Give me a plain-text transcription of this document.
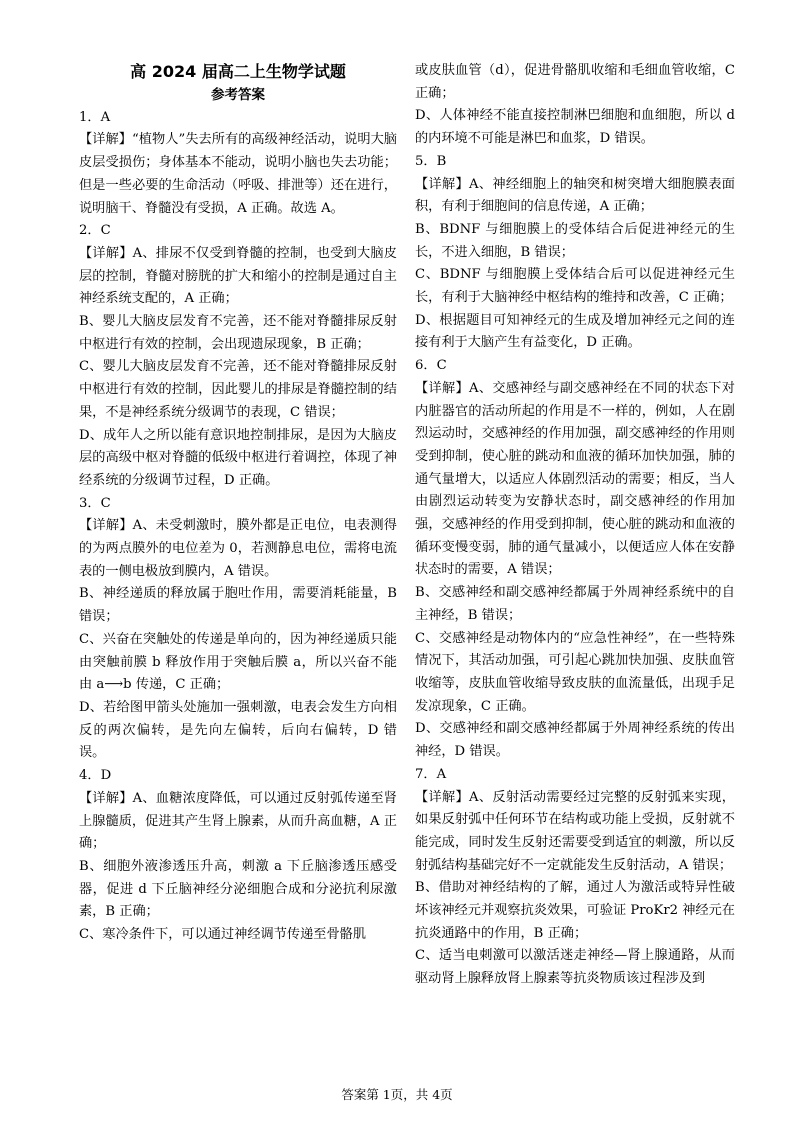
高 2024 届高二上生物学试题
参考答案
1．A
【详解】“植物人”失去所有的高级神经活动，说明大脑皮层受损伤；身体基本不能动，说明小脑也失去功能；但是一些必要的生命活动（呼吸、排泄等）还在进行，说明脑干、脊髓没有受损，A 正确。故选 A。
2．C
【详解】A、排尿不仅受到脊髓的控制，也受到大脑皮层的控制，脊髓对膀胱的扩大和缩小的控制是通过自主神经系统支配的，A 正确；
B、婴儿大脑皮层发育不完善，还不能对脊髓排尿反射中枢进行有效的控制，会出现遗尿现象，B 正确；
C、婴儿大脑皮层发育不完善，还不能对脊髓排尿反射中枢进行有效的控制，因此婴儿的排尿是脊髓控制的结果，不是神经系统分级调节的表现，C 错误；
D、成年人之所以能有意识地控制排尿，是因为大脑皮层的高级中枢对脊髓的低级中枢进行着调控，体现了神经系统的分级调节过程，D 正确。
3．C
【详解】A、未受刺激时，膜外都是正电位，电表测得的为两点膜外的电位差为 0，若测静息电位，需将电流表的一侧电极放到膜内，A 错误。
B、神经递质的释放属于胞吐作用，需要消耗能量，B 错误；
C、兴奋在突触处的传递是单向的，因为神经递质只能由突触前膜 b 释放作用于突触后膜 a，所以兴奋不能由 a⟶b 传递，C 正确；
D、若给图甲箭头处施加一强刺激，电表会发生方向相反的两次偏转，是先向左偏转，后向右偏转，D 错误。
4．D
【详解】A、血糖浓度降低，可以通过反射弧传递至肾上腺髓质，促进其产生肾上腺素，从而升高血糖，A 正确；
B、细胞外液渗透压升高，刺激 a 下丘脑渗透压感受器，促进 d 下丘脑神经分泌细胞合成和分泌抗利尿激素，B 正确；
C、寒冷条件下，可以通过神经调节传递至骨骼肌
或皮肤血管（d），促进骨骼肌收缩和毛细血管收缩，C 正确；
D、人体神经不能直接控制淋巴细胞和血细胞，所以 d 的内环境不可能是淋巴和血浆，D 错误。
5．B
【详解】A、神经细胞上的轴突和树突增大细胞膜表面积，有利于细胞间的信息传递，A 正确；
B、BDNF 与细胞膜上的受体结合后促进神经元的生长，不进入细胞，B 错误；
C、BDNF 与细胞膜上受体结合后可以促进神经元生长，有利于大脑神经中枢结构的维持和改善，C 正确；
D、根据题目可知神经元的生成及增加神经元之间的连接有利于大脑产生有益变化，D 正确。
6．C
【详解】A、交感神经与副交感神经在不同的状态下对内脏器官的活动所起的作用是不一样的，例如，人在剧烈运动时，交感神经的作用加强，副交感神经的作用则受到抑制，使心脏的跳动和血液的循环加快加强，肺的通气量增大，以适应人体剧烈活动的需要；相反，当人由剧烈运动转变为安静状态时，副交感神经的作用加强，交感神经的作用受到抑制，使心脏的跳动和血液的循环变慢变弱，肺的通气量减小，以便适应人体在安静状态时的需要，A 错误；
B、交感神经和副交感神经都属于外周神经系统中的自主神经，B 错误；
C、交感神经是动物体内的“应急性神经”，在一些特殊情况下，其活动加强，可引起心跳加快加强、皮肤血管收缩等，皮肤血管收缩导致皮肤的血流量低，出现手足发凉现象，C 正确。
D、交感神经和副交感神经都属于外周神经系统的传出神经，D 错误。
7．A
【详解】A、反射活动需要经过完整的反射弧来实现，如果反射弧中任何环节在结构或功能上受损，反射就不能完成，同时发生反射还需要受到适宜的刺激，所以反射弧结构基础完好不一定就能发生反射活动，A 错误；
B、借助对神经结构的了解，通过人为激活或特异性破坏该神经元并观察抗炎效果，可验证 ProKr2 神经元在抗炎通路中的作用，B 正确；
C、适当电刺激可以激活迷走神经—肾上腺通路，从而驱动肾上腺释放肾上腺素等抗炎物质该过程涉及到
答案第 1页，共 4页
